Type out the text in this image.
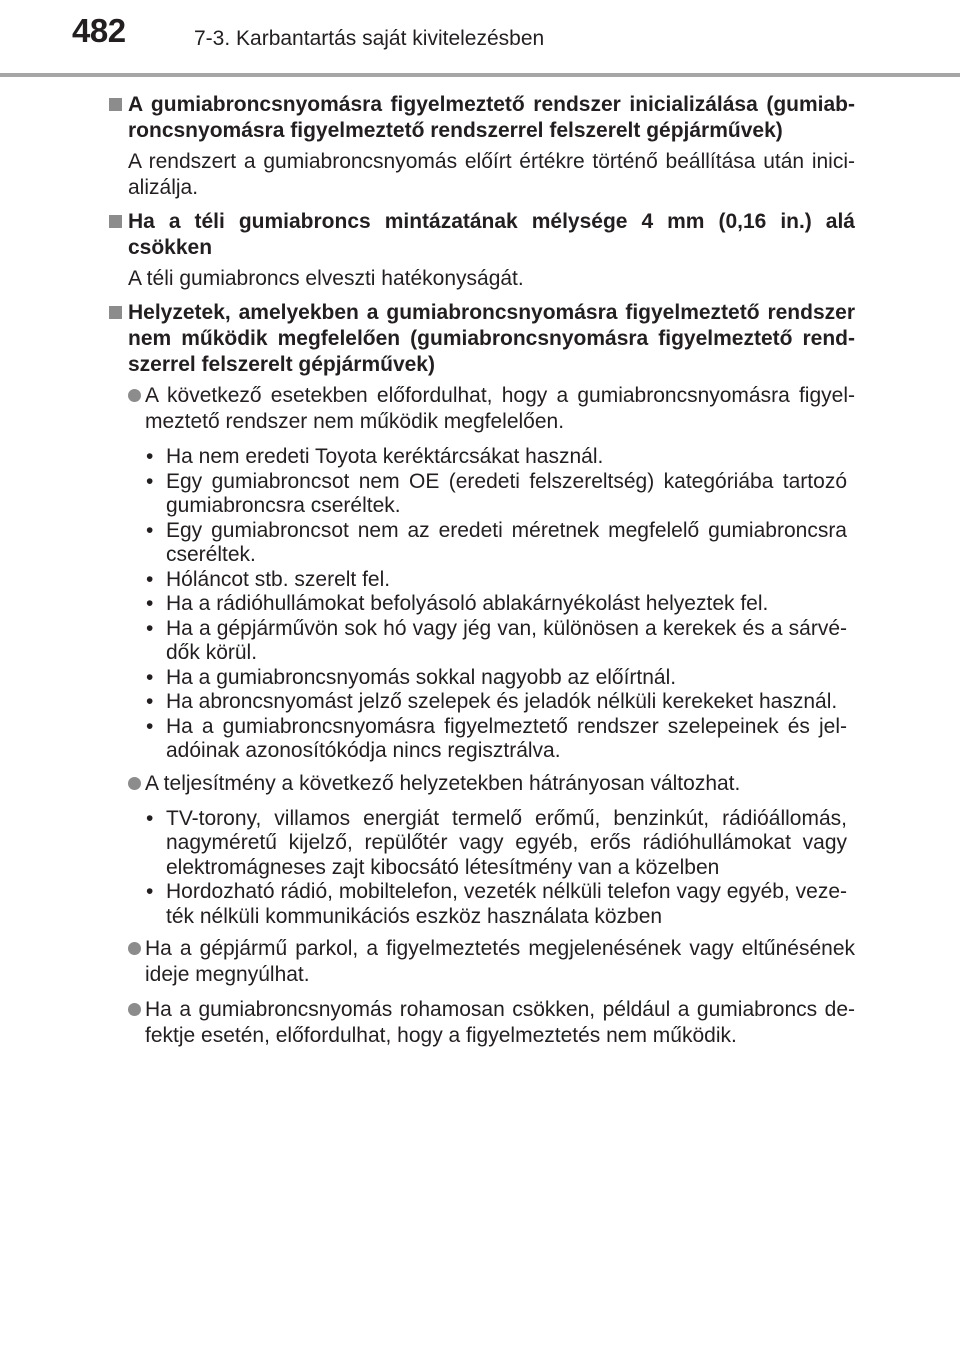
482	7-3. Karbantartás saját kivitelezésben
A gumiabroncsnyomásra figyelmeztető rendszer inicializálása (gumiab-roncsnyomásra figyelmeztető rendszerrel felszerelt gépjárművek)
A rendszert a gumiabroncsnyomás előírt értékre történő beállítása után inici-alizálja.
Ha a téli gumiabroncs mintázatának mélysége 4 mm (0,16 in.) alá csökken
A téli gumiabroncs elveszti hatékonyságát.
Helyzetek, amelyekben a gumiabroncsnyomásra figyelmeztető rendszer nem működik megfelelően (gumiabroncsnyomásra figyelmeztető rend-szerrel felszerelt gépjárművek)
A következő esetekben előfordulhat, hogy a gumiabroncsnyomásra figyel-meztető rendszer nem működik megfelelően.
• Ha nem eredeti Toyota keréktárcsákat használ.
• Egy gumiabroncsot nem OE (eredeti felszereltség) kategóriába tartozó gumiabroncsra cseréltek.
• Egy gumiabroncsot nem az eredeti méretnek megfelelő gumiabroncsra cseréltek.
• Hóláncot stb. szerelt fel.
• Ha a rádióhullámokat befolyásoló ablakárnyékolást helyeztek fel.
• Ha a gépjárművön sok hó vagy jég van, különösen a kerekek és a sárvé-dők körül.
• Ha a gumiabroncsnyomás sokkal nagyobb az előírtnál.
• Ha abroncsnyomást jelző szelepek és jeladók nélküli kerekeket használ.
• Ha a gumiabroncsnyomásra figyelmeztető rendszer szelepeinek és jel-adóinak azonosítókódja nincs regisztrálva.
A teljesítmény a következő helyzetekben hátrányosan változhat.
• TV-torony, villamos energiát termelő erőmű, benzinkút, rádióállomás, nagyméretű kijelző, repülőtér vagy egyéb, erős rádióhullámokat vagy elektromágneses zajt kibocsátó létesítmény van a közelben
• Hordozható rádió, mobiltelefon, vezeték nélküli telefon vagy egyéb, veze-ték nélküli kommunikációs eszköz használata közben
Ha a gépjármű parkol, a figyelmeztetés megjelenésének vagy eltűnésének ideje megnyúlhat.
Ha a gumiabroncsnyomás rohamosan csökken, például a gumiabroncs de-fektje esetén, előfordulhat, hogy a figyelmeztetés nem működik.
